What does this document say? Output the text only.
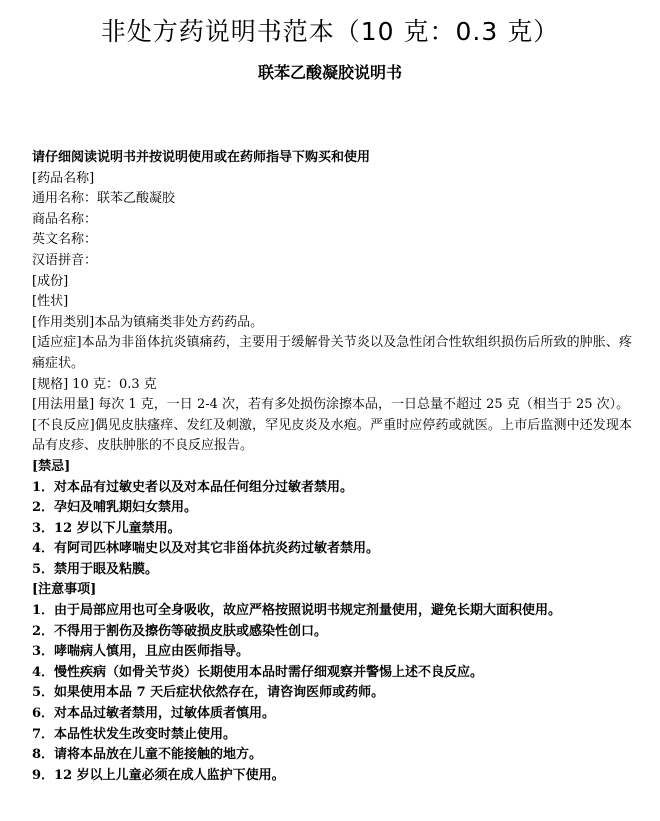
非处方药说明书范本（10 克：0.3 克）
联苯乙酸凝胶说明书
请仔细阅读说明书并按说明使用或在药师指导下购买和使用
[药品名称]
通用名称：联苯乙酸凝胶
商品名称：
英文名称：
汉语拼音：
[成份]
[性状]
[作用类别]本品为镇痛类非处方药药品。
[适应症]本品为非甾体抗炎镇痛药，主要用于缓解骨关节炎以及急性闭合性软组织损伤后所致的肿胀、疼痛症状。
[规格] 10 克：0.3 克
[用法用量] 每次 1 克，一日 2-4 次，若有多处损伤涂擦本品，一日总量不超过 25 克（相当于 25 次）。
[不良反应]偶见皮肤瘙痒、发红及刺激，罕见皮炎及水疱。严重时应停药或就医。上市后监测中还发现本品有皮疹、皮肤肿胀的不良反应报告。
[禁忌]
1．对本品有过敏史者以及对本品任何组分过敏者禁用。
2．孕妇及哺乳期妇女禁用。
3．12 岁以下儿童禁用。
4．有阿司匹林哮喘史以及对其它非甾体抗炎药过敏者禁用。
5．禁用于眼及粘膜。
[注意事项]
1．由于局部应用也可全身吸收，故应严格按照说明书规定剂量使用，避免长期大面积使用。
2．不得用于割伤及擦伤等破损皮肤或感染性创口。
3．哮喘病人慎用，且应由医师指导。
4．慢性疾病（如骨关节炎）长期使用本品时需仔细观察并警惕上述不良反应。
5．如果使用本品 7 天后症状依然存在，请咨询医师或药师。
6．对本品过敏者禁用，过敏体质者慎用。
7．本品性状发生改变时禁止使用。
8．请将本品放在儿童不能接触的地方。
9．12 岁以上儿童必须在成人监护下使用。
